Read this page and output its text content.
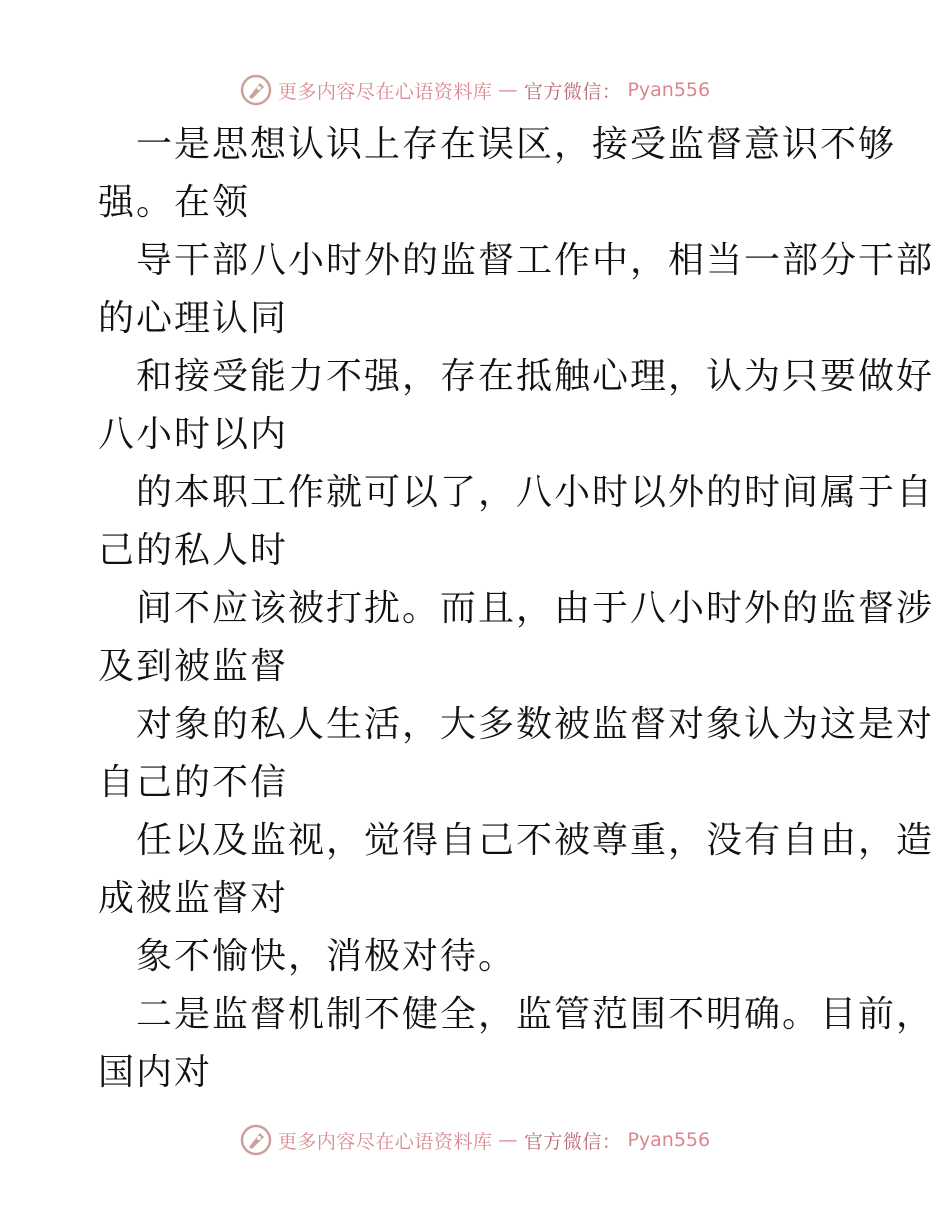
更多内容尽在心语资料库 — 官方微信： Pyan556
一是思想认识上存在误区，接受监督意识不够
强。在领
导干部八小时外的监督工作中，相当一部分干部
的心理认同
和接受能力不强，存在抵触心理，认为只要做好
八小时以内
的本职工作就可以了，八小时以外的时间属于自
己的私人时
间不应该被打扰。而且，由于八小时外的监督涉
及到被监督
对象的私人生活，大多数被监督对象认为这是对
自己的不信
任以及监视，觉得自己不被尊重，没有自由，造
成被监督对
象不愉快，消极对待。
二是监督机制不健全，监管范围不明确。目前，
国内对
更多内容尽在心语资料库 — 官方微信： Pyan556
